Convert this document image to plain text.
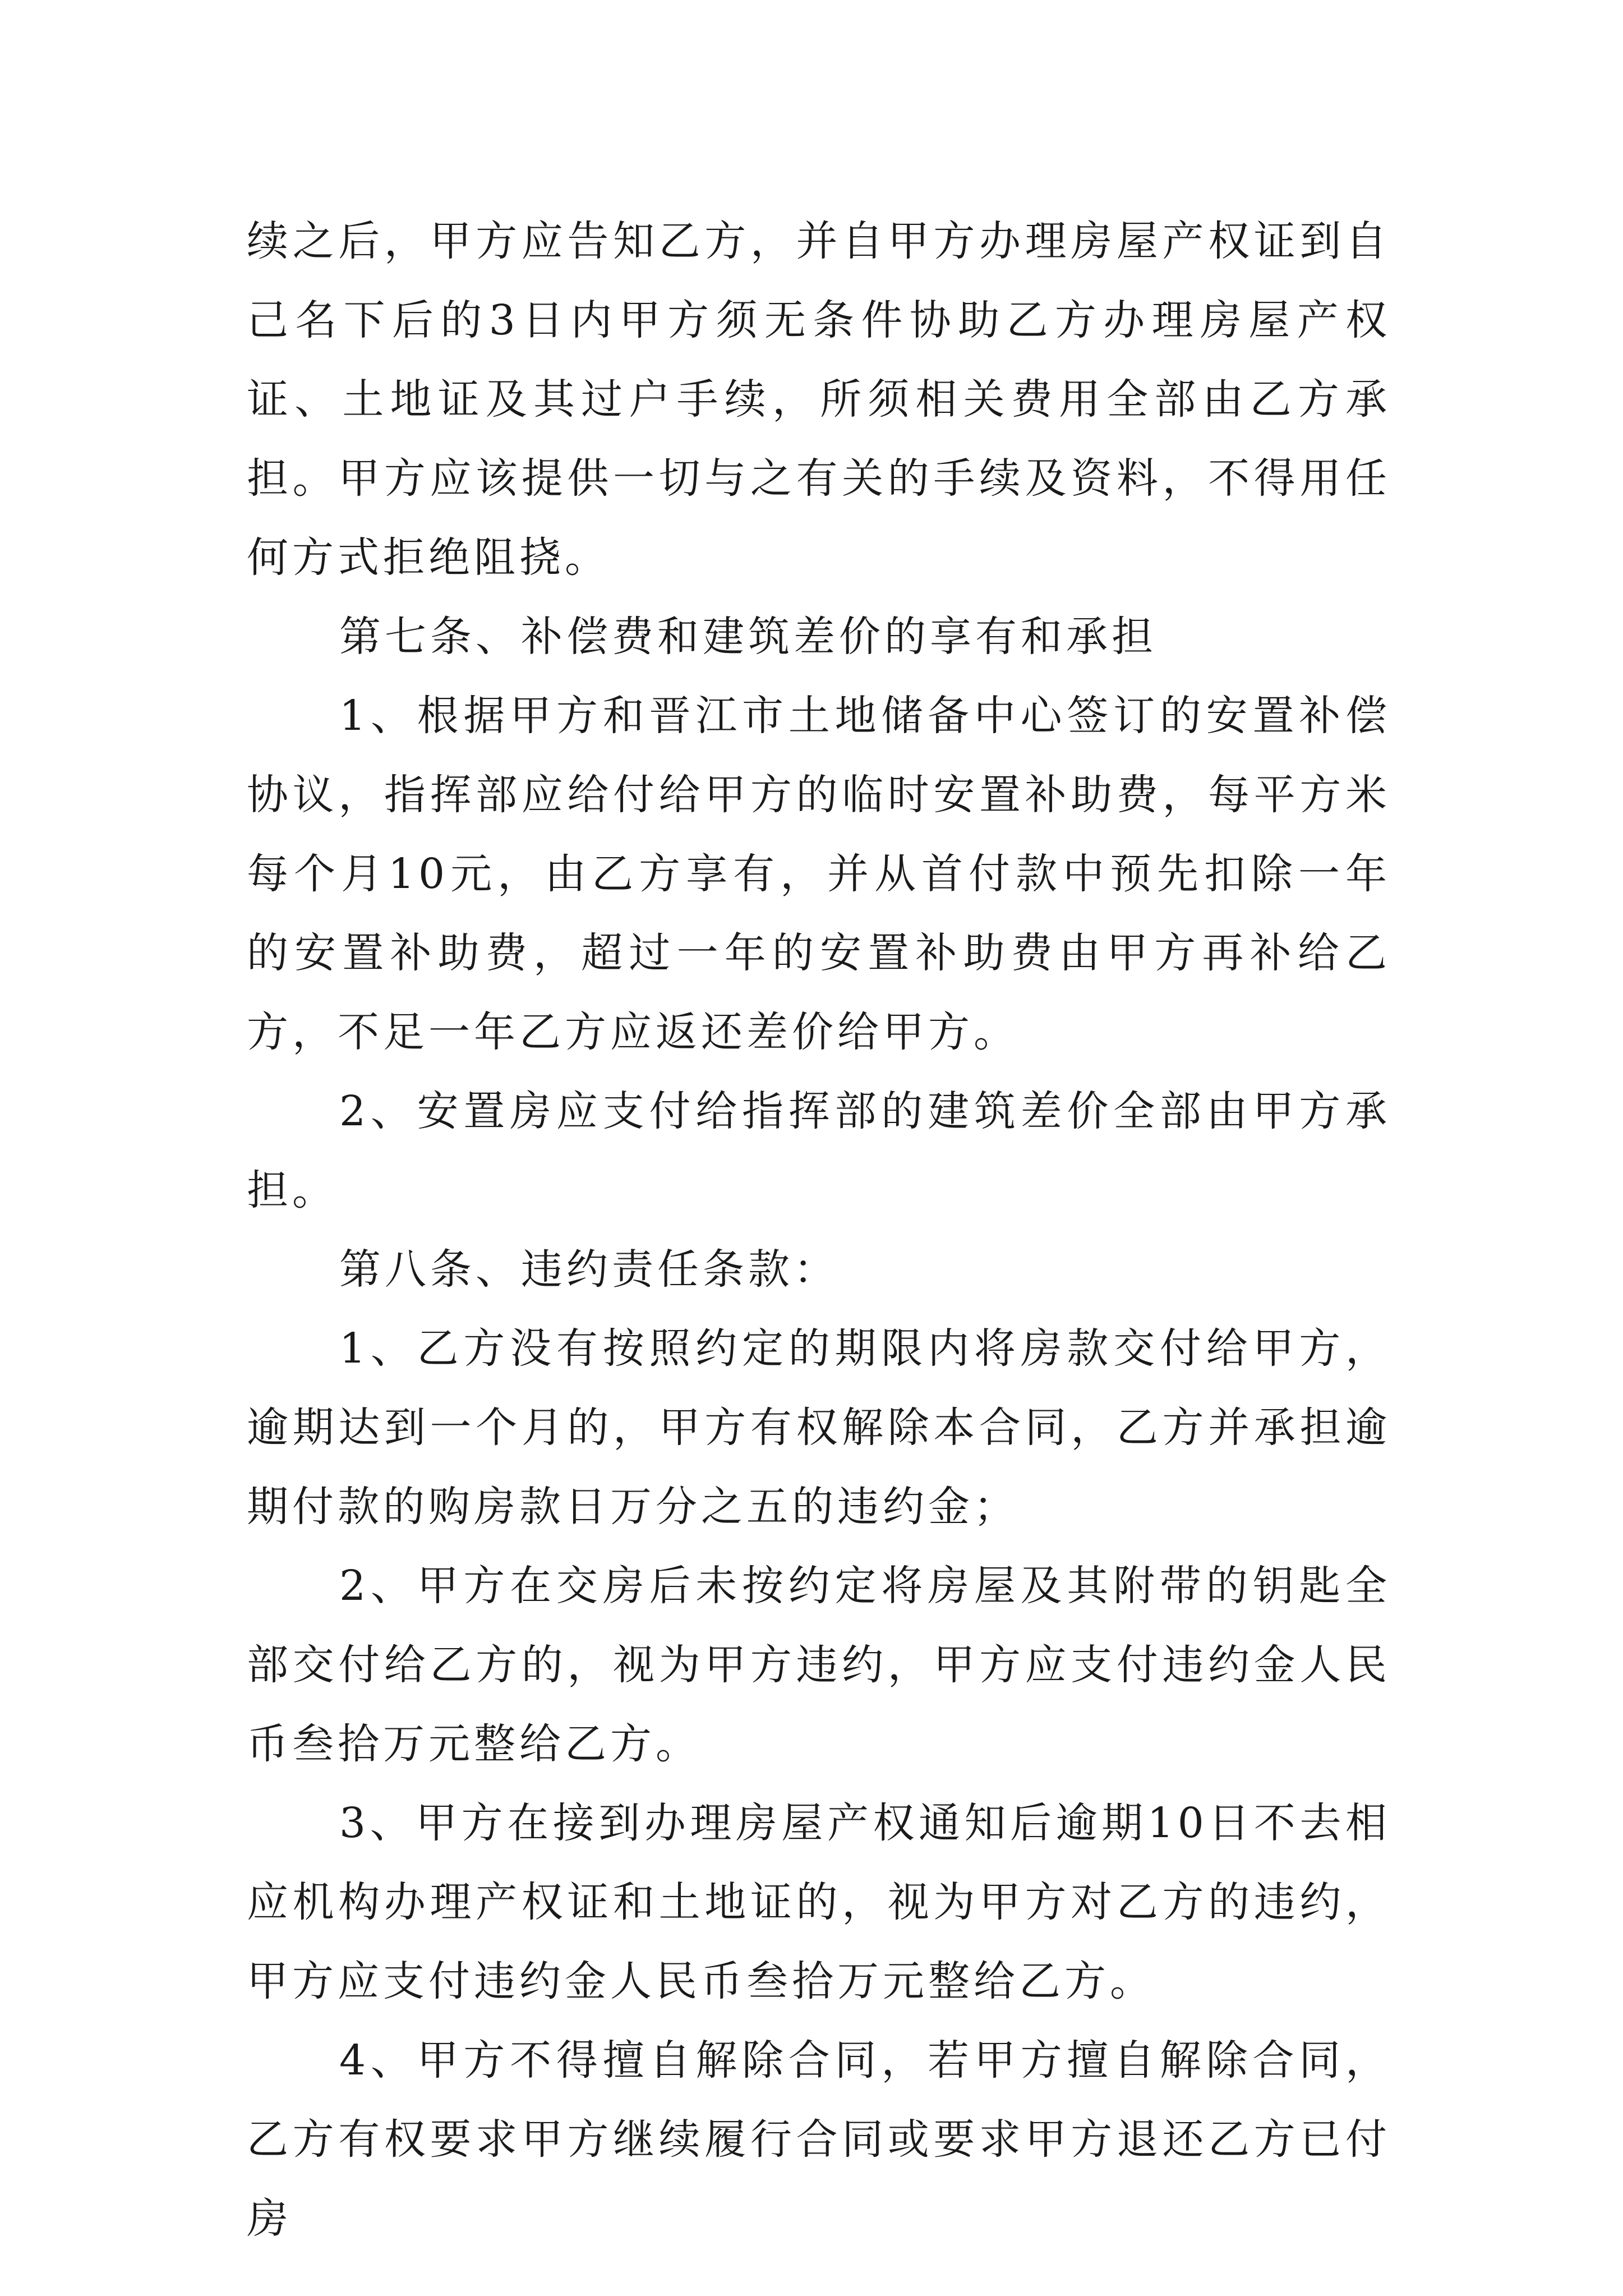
续之后，甲方应告知乙方，并自甲方办理房屋产权证到自己名下后的3日内甲方须无条件协助乙方办理房屋产权证、土地证及其过户手续，所须相关费用全部由乙方承担。甲方应该提供一切与之有关的手续及资料，不得用任何方式拒绝阻挠。

第七条、补偿费和建筑差价的享有和承担

1、根据甲方和晋江市土地储备中心签订的安置补偿协议，指挥部应给付给甲方的临时安置补助费，每平方米每个月10元，由乙方享有，并从首付款中预先扣除一年的安置补助费，超过一年的安置补助费由甲方再补给乙方，不足一年乙方应返还差价给甲方。

2、安置房应支付给指挥部的建筑差价全部由甲方承担。

第八条、违约责任条款：

1、乙方没有按照约定的期限内将房款交付给甲方，逾期达到一个月的，甲方有权解除本合同，乙方并承担逾期付款的购房款日万分之五的违约金；

2、甲方在交房后未按约定将房屋及其附带的钥匙全部交付给乙方的，视为甲方违约，甲方应支付违约金人民币叁拾万元整给乙方。

3、甲方在接到办理房屋产权通知后逾期10日不去相应机构办理产权证和土地证的，视为甲方对乙方的违约，甲方应支付违约金人民币叁拾万元整给乙方。

4、甲方不得擅自解除合同，若甲方擅自解除合同，乙方有权要求甲方继续履行合同或要求甲方退还乙方已付房
